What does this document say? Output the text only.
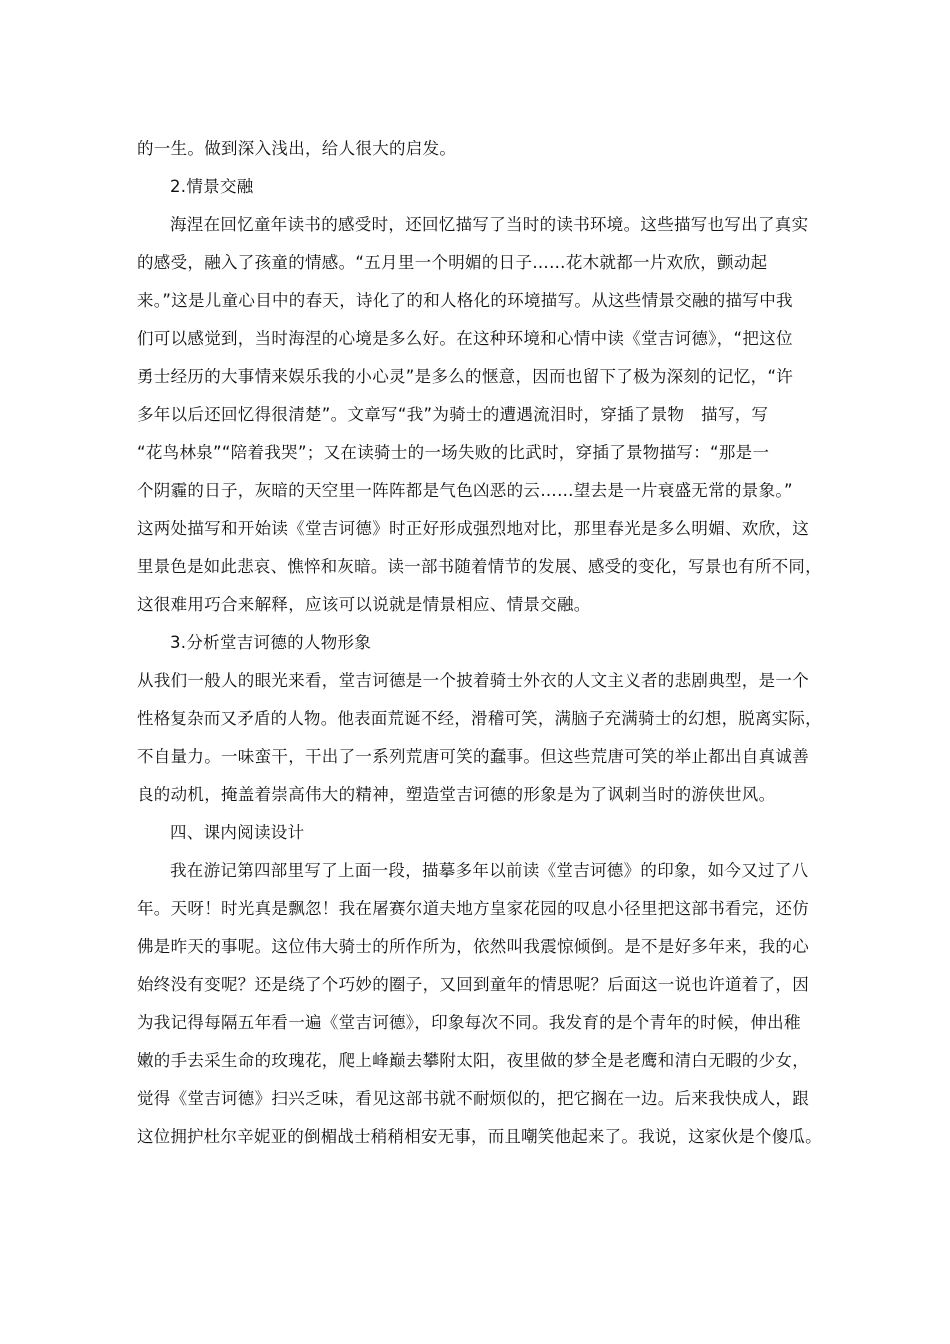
的一生。做到深入浅出，给人很大的启发。
2.情景交融
海涅在回忆童年读书的感受时，还回忆描写了当时的读书环境。这些描写也写出了真实
的感受，融入了孩童的情感。“五月里一个明媚的日子……花木就都一片欢欣，颤动起
来。”这是儿童心目中的春天，诗化了的和人格化的环境描写。从这些情景交融的描写中我
们可以感觉到，当时海涅的心境是多么好。在这种环境和心情中读《堂吉诃德》，“把这位
勇士经历的大事情来娱乐我的小心灵”是多么的惬意，因而也留下了极为深刻的记忆，“许
多年以后还回忆得很清楚”。文章写“我”为骑士的遭遇流泪时，穿插了景物　描写，写
“花鸟林泉”“陪着我哭”；又在读骑士的一场失败的比武时，穿插了景物描写：“那是一
个阴霾的日子，灰暗的天空里一阵阵都是气色凶恶的云……望去是一片衰盛无常的景象。”
这两处描写和开始读《堂吉诃德》时正好形成强烈地对比，那里春光是多么明媚、欢欣，这
里景色是如此悲哀、憔悴和灰暗。读一部书随着情节的发展、感受的变化，写景也有所不同，
这很难用巧合来解释，应该可以说就是情景相应、情景交融。
3.分析堂吉诃德的人物形象
从我们一般人的眼光来看，堂吉诃德是一个披着骑士外衣的人文主义者的悲剧典型，是一个
性格复杂而又矛盾的人物。他表面荒诞不经，滑稽可笑，满脑子充满骑士的幻想，脱离实际，
不自量力。一味蛮干，干出了一系列荒唐可笑的蠢事。但这些荒唐可笑的举止都出自真诚善
良的动机，掩盖着崇高伟大的精神，塑造堂吉诃德的形象是为了讽刺当时的游侠世风。
四、课内阅读设计
我在游记第四部里写了上面一段，描摹多年以前读《堂吉诃德》的印象，如今又过了八
年。天呀！时光真是飘忽！我在屠赛尔道夫地方皇家花园的叹息小径里把这部书看完，还仿
佛是昨天的事呢。这位伟大骑士的所作所为，依然叫我震惊倾倒。是不是好多年来，我的心
始终没有变呢？还是绕了个巧妙的圈子，又回到童年的情思呢？后面这一说也许道着了，因
为我记得每隔五年看一遍《堂吉诃德》，印象每次不同。我发育的是个青年的时候，伸出稚
嫩的手去采生命的玫瑰花，爬上峰巅去攀附太阳，夜里做的梦全是老鹰和清白无暇的少女，
觉得《堂吉诃德》扫兴乏味，看见这部书就不耐烦似的，把它搁在一边。后来我快成人，跟
这位拥护杜尔辛妮亚的倒楣战士稍稍相安无事，而且嘲笑他起来了。我说，这家伙是个傻瓜。
